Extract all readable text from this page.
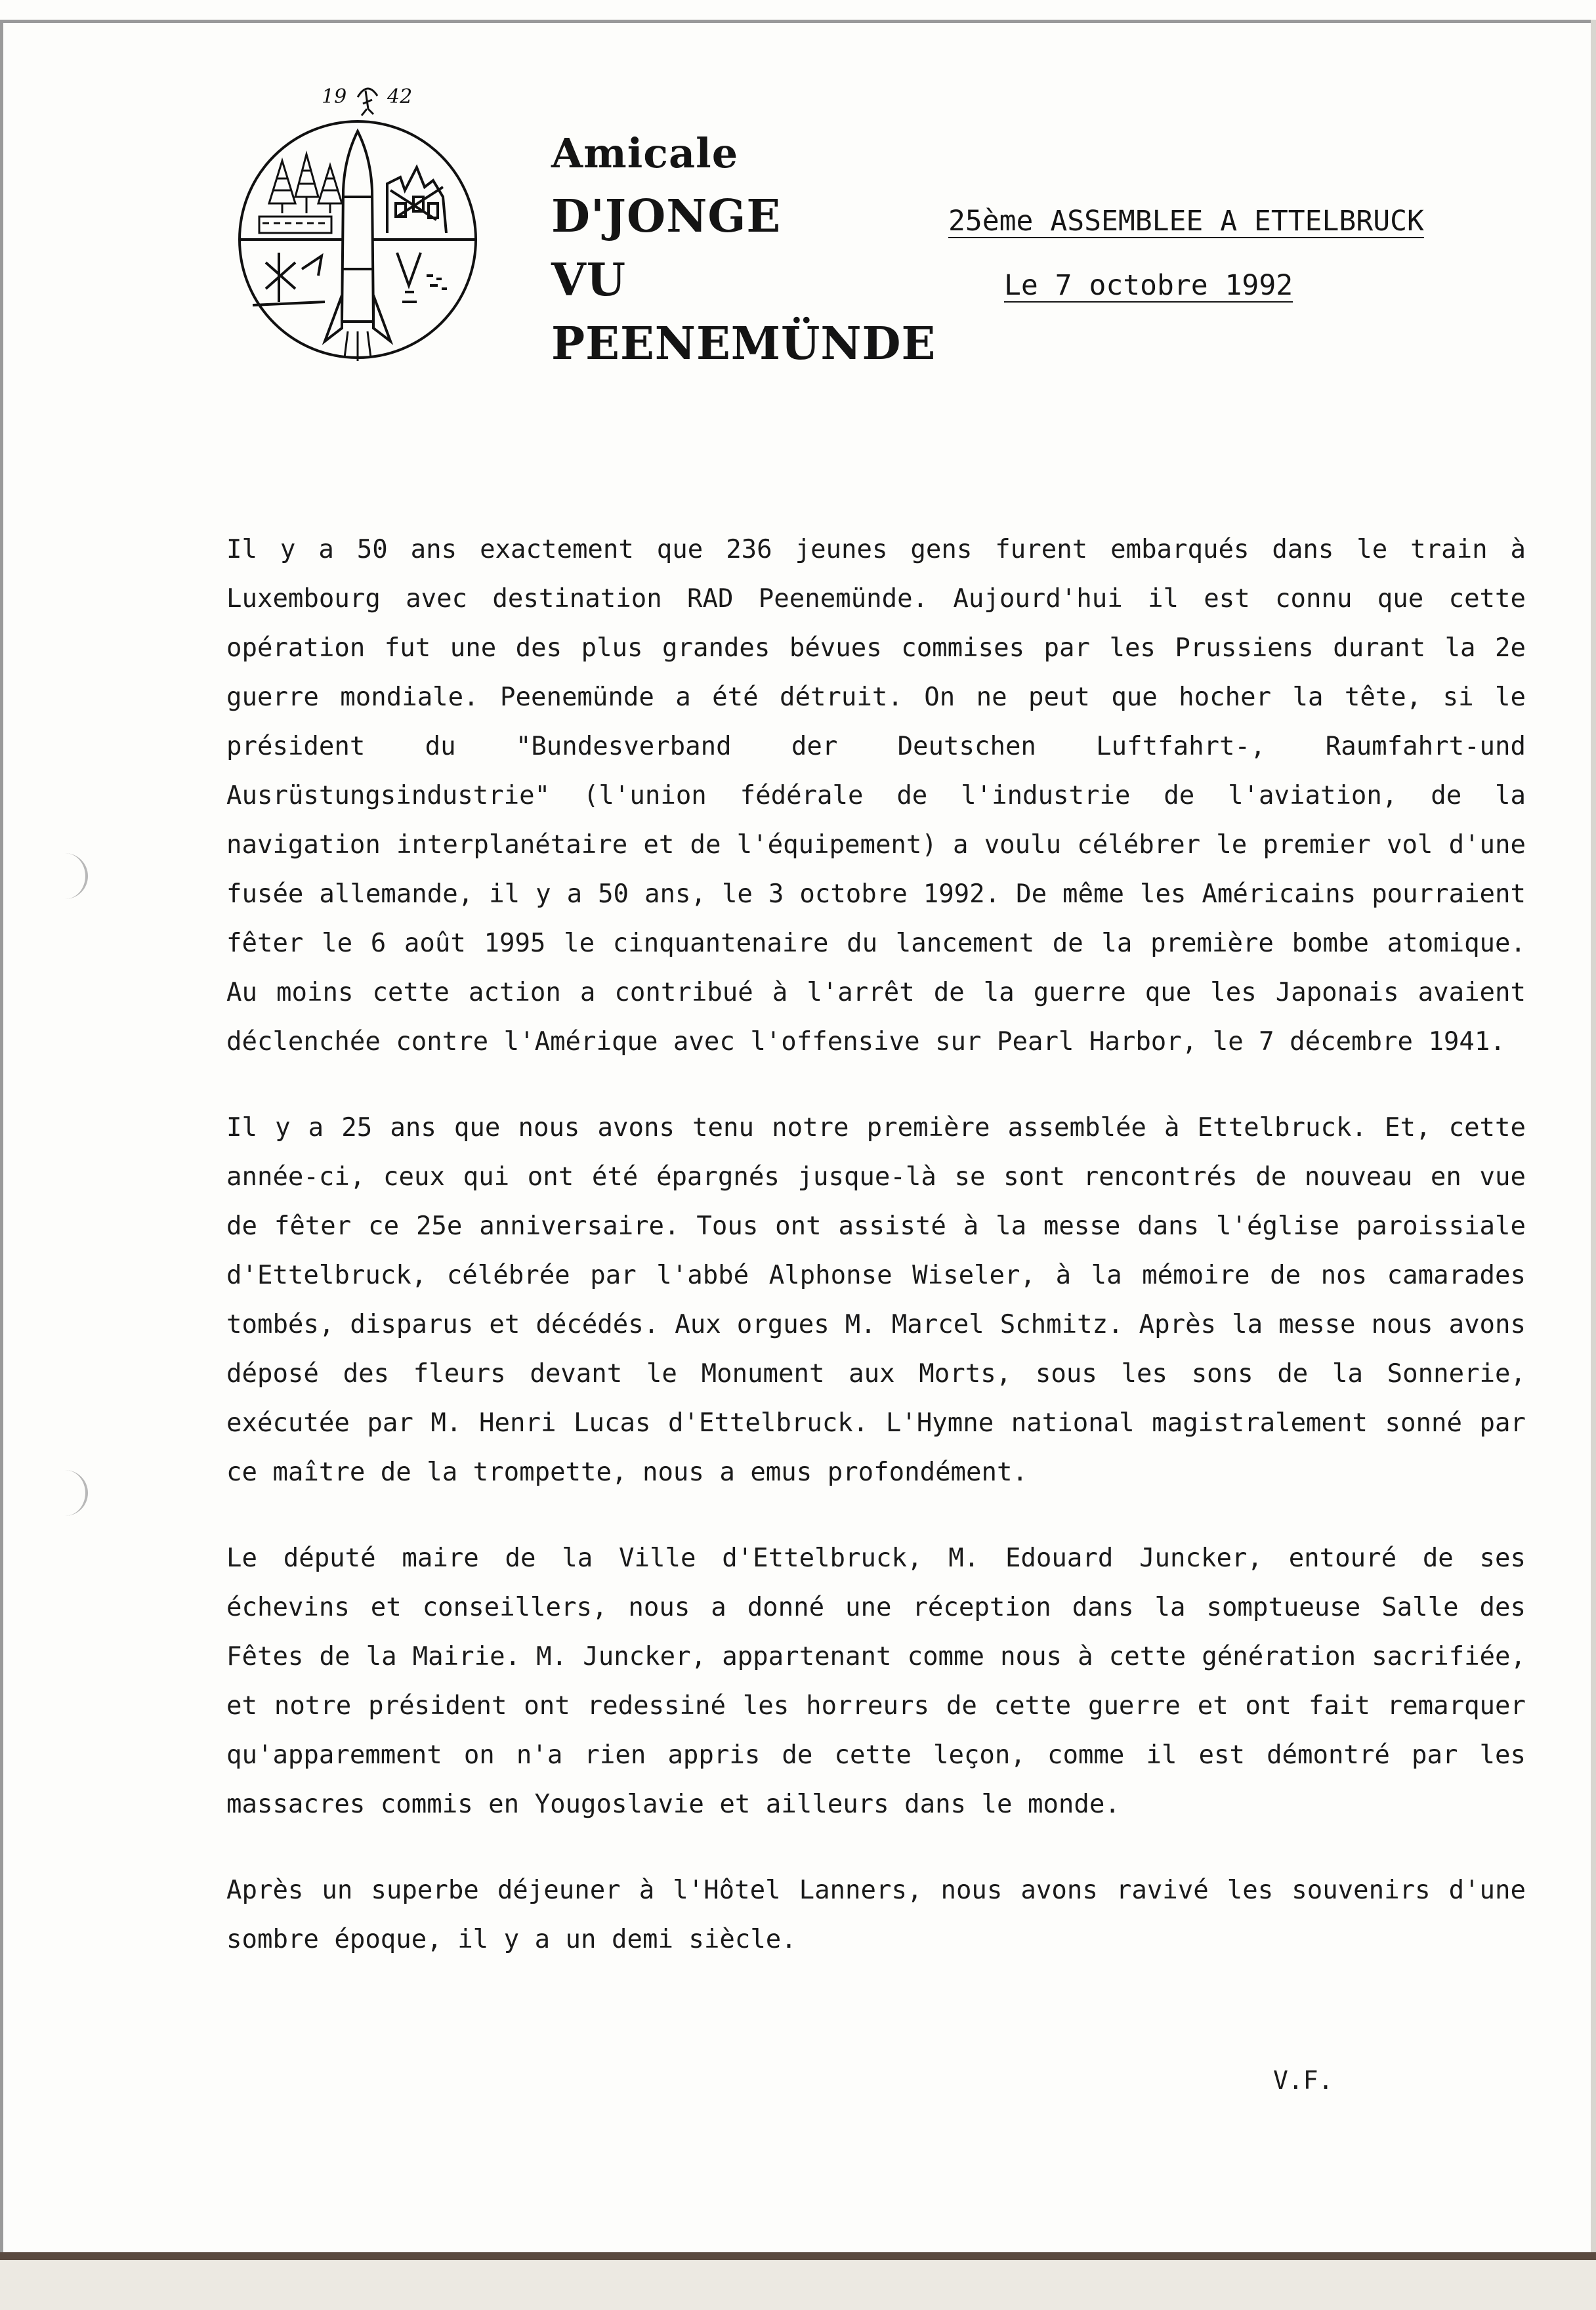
19 42
Amicale
D'JONGE
VU
PEENEMÜNDE
25ème ASSEMBLEE A ETTELBRUCK
Le 7 octobre 1992

Il y a 50 ans exactement que 236 jeunes gens furent embarqués dans le train à Luxembourg avec destination RAD Peenemünde. Aujourd'hui il est connu que cette opération fut une des plus grandes bévues commises par les Prussiens durant la 2e guerre mondiale. Peenemünde a été détruit. On ne peut que hocher la tête, si le président du "Bundesverband der Deutschen Luftfahrt-, Raumfahrt-und Ausrüstungsindustrie" (l'union fédérale de l'industrie de l'aviation, de la navigation interplanétaire et de l'équipement) a voulu célébrer le premier vol d'une fusée allemande, il y a 50 ans, le 3 octobre 1992. De même les Américains pourraient fêter le 6 août 1995 le cinquantenaire du lancement de la première bombe atomique. Au moins cette action a contribué à l'arrêt de la guerre que les Japonais avaient déclenchée contre l'Amérique avec l'offensive sur Pearl Harbor, le 7 décembre 1941.

Il y a 25 ans que nous avons tenu notre première assemblée à Ettelbruck. Et, cette année-ci, ceux qui ont été épargnés jusque-là se sont rencontrés de nouveau en vue de fêter ce 25e anniversaire. Tous ont assisté à la messe dans l'église paroissiale d'Ettelbruck, célébrée par l'abbé Alphonse Wiseler, à la mémoire de nos camarades tombés, disparus et décédés. Aux orgues M. Marcel Schmitz. Après la messe nous avons déposé des fleurs devant le Monument aux Morts, sous les sons de la Sonnerie, exécutée par M. Henri Lucas d'Ettelbruck. L'Hymne national magistralement sonné par ce maître de la trompette, nous a emus profondément.

Le député maire de la Ville d'Ettelbruck, M. Edouard Juncker, entouré de ses échevins et conseillers, nous a donné une réception dans la somptueuse Salle des Fêtes de la Mairie. M. Juncker, appartenant comme nous à cette génération sacrifiée, et notre président ont redessiné les horreurs de cette guerre et ont fait remarquer qu'apparemment on n'a rien appris de cette leçon, comme il est démontré par les massacres commis en Yougoslavie et ailleurs dans le monde.

Après un superbe déjeuner à l'Hôtel Lanners, nous avons ravivé les souvenirs d'une sombre époque, il y a un demi siècle.

V.F.
